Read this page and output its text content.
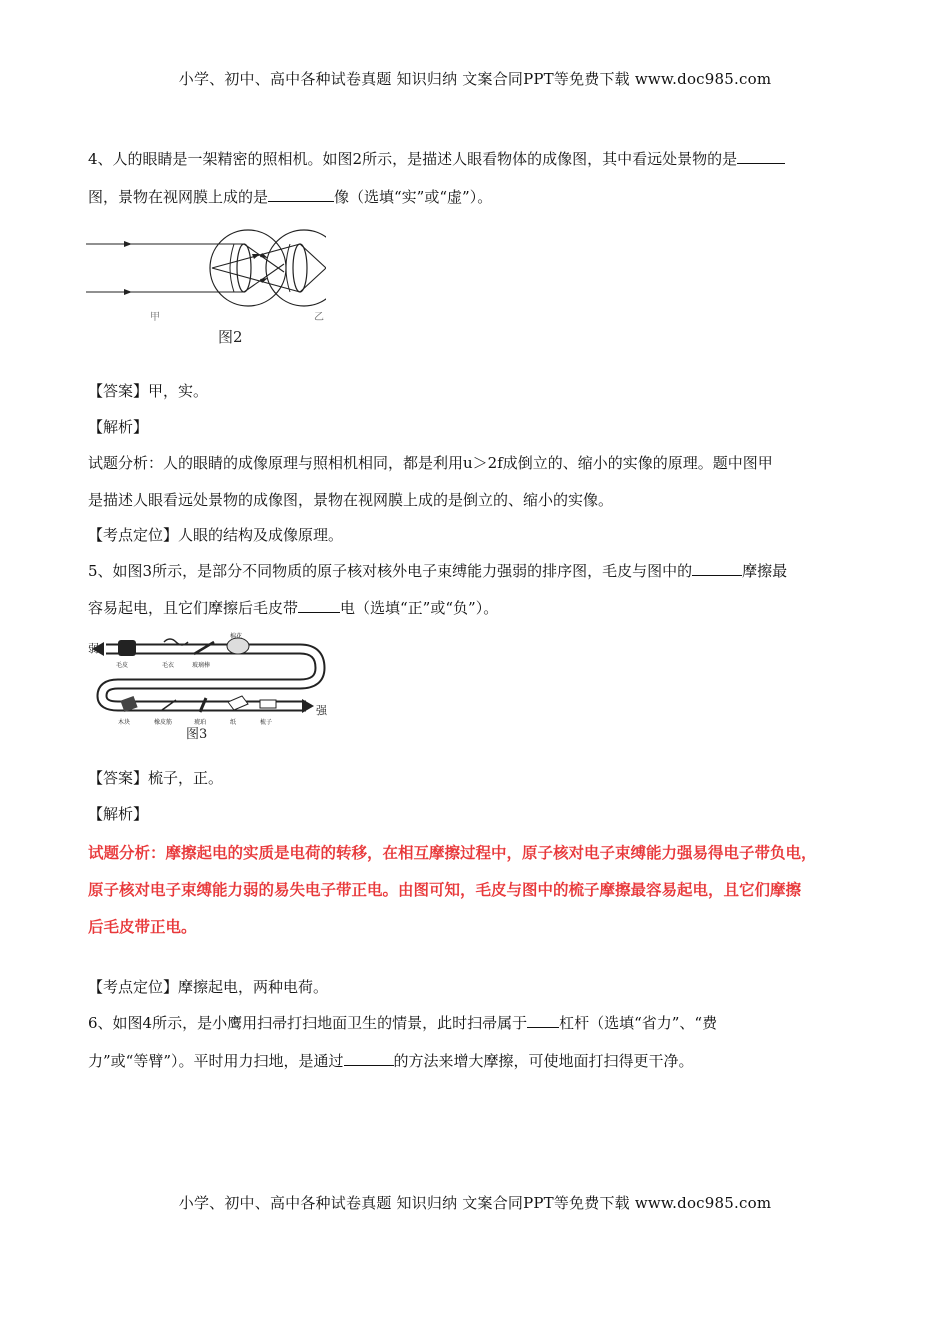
小学、初中、高中各种试卷真题 知识归纳 文案合同PPT等免费下载 www.doc985.com
4、人的眼睛是一架精密的照相机。如图2所示，是描述人眼看物体的成像图，其中看远处景物的是
图，景物在视网膜上成的是	像（选填“实”或“虚”）。
甲	乙
图2
【答案】甲，实。
【解析】
试题分析：人的眼睛的成像原理与照相机相同，都是利用u＞2f成倒立的、缩小的实像的原理。题中图甲
是描述人眼看远处景物的成像图，景物在视网膜上成的是倒立的、缩小的实像。
【考点定位】人眼的结构及成像原理。
5、如图3所示，是部分不同物质的原子核对核外电子束缚能力强弱的排序图，毛皮与图中的	摩擦最
容易起电，且它们摩擦后毛皮带	电（选填“正”或“负”）。
弱
强
毛皮	毛衣	玻璃棒
棉花
木块	橡皮筋	琥珀	纸	梳子
图3
【答案】梳子，正。
【解析】
试题分析：摩擦起电的实质是电荷的转移，在相互摩擦过程中，原子核对电子束缚能力强易得电子带负电，
原子核对电子束缚能力弱的易失电子带正电。由图可知，毛皮与图中的梳子摩擦最容易起电，且它们摩擦
后毛皮带正电。
【考点定位】摩擦起电，两种电荷。
6、如图4所示，是小鹰用扫帚打扫地面卫生的情景，此时扫帚属于 杠杆（选填“省力”、“费
力”或“等臂”）。平时用力扫地，是通过	的方法来增大摩擦，可使地面打扫得更干净。
小学、初中、高中各种试卷真题 知识归纳 文案合同PPT等免费下载 www.doc985.com
